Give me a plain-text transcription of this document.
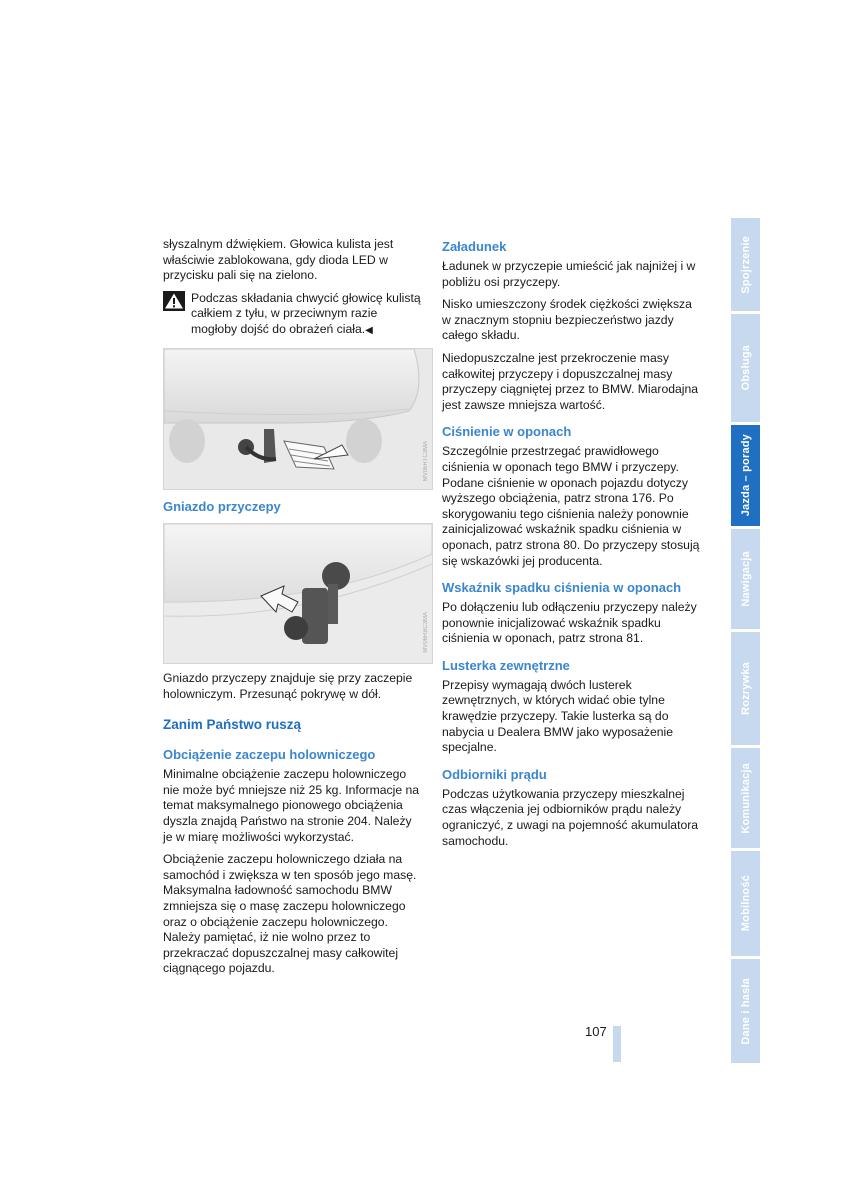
słyszalnym dźwiękiem. Głowica kulista jest właściwie zablokowana, gdy dioda LED w przycisku pali się na zielono.

Podczas składania chwycić głowicę kulistą całkiem z tyłu, w przeciwnym razie mogłoby dojść do obrażeń ciała.◀

MV06RTC3MA
Gniazdo przyczepy
MV06RBC3MA

Gniazdo przyczepy znajduje się przy zaczepie holowniczym. Przesunąć pokrywę w dół.

Zanim Państwo ruszą
Obciążenie zaczepu holowniczego

Minimalne obciążenie zaczepu holowniczego nie może być mniejsze niż 25 kg. Informacje na temat maksymalnego pionowego obciążenia dyszla znajdą Państwo na stronie 204. Należy je w miarę możliwości wykorzystać.

Obciążenie zaczepu holowniczego działa na samochód i zwiększa w ten sposób jego masę. Maksymalna ładowność samochodu BMW zmniejsza się o masę zaczepu holowniczego oraz o obciążenie zaczepu holowniczego. Należy pamiętać, iż nie wolno przez to przekraczać dopuszczalnej masy całkowitej ciągnącego pojazdu.

Załadunek

Ładunek w przyczepie umieścić jak najniżej i w pobliżu osi przyczepy.

Nisko umieszczony środek ciężkości zwiększa w znacznym stopniu bezpieczeństwo jazdy całego składu.

Niedopuszczalne jest przekroczenie masy całkowitej przyczepy i dopuszczalnej masy przyczepy ciągniętej przez to BMW. Miarodajna jest zawsze mniejsza wartość.

Ciśnienie w oponach

Szczególnie przestrzegać prawidłowego ciśnienia w oponach tego BMW i przyczepy. Podane ciśnienie w oponach pojazdu dotyczy wyższego obciążenia, patrz strona 176. Po skorygowaniu tego ciśnienia należy ponownie zainicjalizować wskaźnik spadku ciśnienia w oponach, patrz strona 80. Do przyczepy stosują się wskazówki jej producenta.

Wskaźnik spadku ciśnienia w oponach

Po dołączeniu lub odłączeniu przyczepy należy ponownie inicjalizować wskaźnik spadku ciśnienia w oponach, patrz strona 81.

Lusterka zewnętrzne

Przepisy wymagają dwóch lusterek zewnętrznych, w których widać obie tylne krawędzie przyczepy. Takie lusterka są do nabycia u Dealera BMW jako wyposażenie specjalne.

Odbiorniki prądu

Podczas użytkowania przyczepy mieszkalnej czas włączenia jej odbiorników prądu należy ograniczyć, z uwagi na pojemność akumulatora samochodu.

Spojrzenie
Obsługa
Jazda – porady
Nawigacja
Rozrywka
Komunikacja
Mobilność
Dane i hasła
107
